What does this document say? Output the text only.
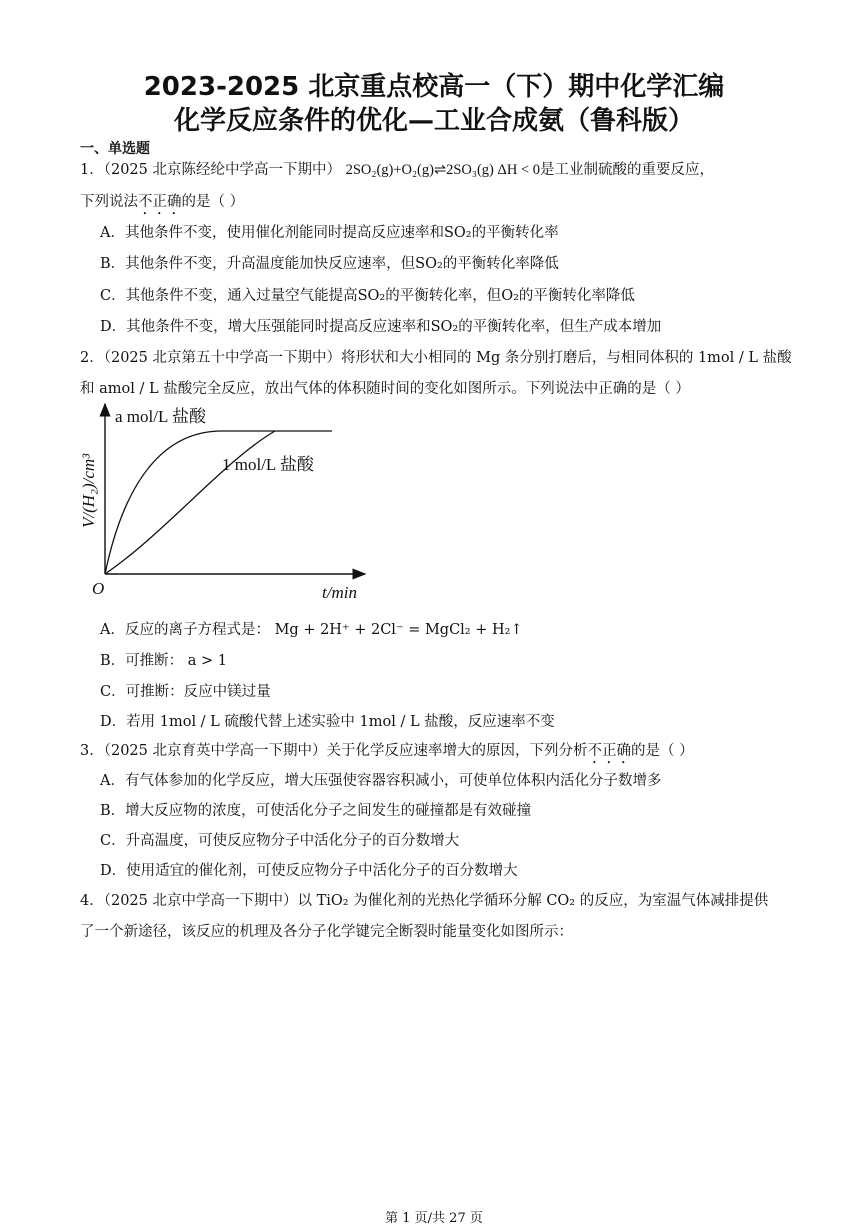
2023-2025 北京重点校高一（下）期中化学汇编
化学反应条件的优化—工业合成氨（鲁科版）
一、单选题
1．（2025 北京陈经纶中学高一下期中） 2SO₂(g)+O₂(g)⇌2SO₃(g) ΔH < 0是工业制硫酸的重要反应，
下列说法不正确的是（ ）
A．其他条件不变，使用催化剂能同时提高反应速率和SO₂的平衡转化率
B．其他条件不变，升高温度能加快反应速率，但SO₂的平衡转化率降低
C．其他条件不变，通入过量空气能提高SO₂的平衡转化率，但O₂的平衡转化率降低
D．其他条件不变，增大压强能同时提高反应速率和SO₂的平衡转化率，但生产成本增加
2．（2025 北京第五十中学高一下期中）将形状和大小相同的 Mg 条分别打磨后，与相同体积的 1mol / L 盐酸
和 amol / L 盐酸完全反应，放出气体的体积随时间的变化如图所示。下列说法中正确的是（ ）
a mol/L 盐酸
1 mol/L 盐酸
V/(H₂)/cm³
t/min
O
A．反应的离子方程式是： Mg + 2H⁺ + 2Cl⁻ = MgCl₂ + H₂↑
B．可推断： a > 1
C．可推断：反应中镁过量
D．若用 1mol / L 硫酸代替上述实验中 1mol / L 盐酸，反应速率不变
3．（2025 北京育英中学高一下期中）关于化学反应速率增大的原因，下列分析不正确的是（ ）
A．有气体参加的化学反应，增大压强使容器容积减小，可使单位体积内活化分子数增多
B．增大反应物的浓度，可使活化分子之间发生的碰撞都是有效碰撞
C．升高温度，可使反应物分子中活化分子的百分数增大
D．使用适宜的催化剂，可使反应物分子中活化分子的百分数增大
4．（2025 北京中学高一下期中）以 TiO₂ 为催化剂的光热化学循环分解 CO₂ 的反应，为室温气体减排提供
了一个新途径，该反应的机理及各分子化学键完全断裂时能量变化如图所示：
第 1 页/共 27 页
